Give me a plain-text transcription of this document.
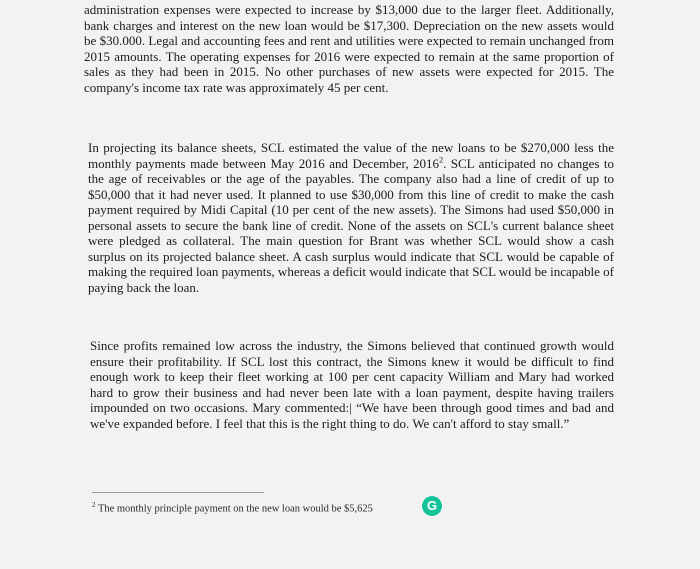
administration expenses were expected to increase by $13,000 due to the larger fleet. Additionally, bank charges and interest on the new loan would be $17,300. Depreciation on the new assets would be $30.000. Legal and accounting fees and rent and utilities were expected to remain unchanged from 2015 amounts. The operating expenses for 2016 were expected to remain at the same proportion of sales as they had been in 2015. No other purchases of new assets were expected for 2015. The company's income tax rate was approximately 45 per cent.

In projecting its balance sheets, SCL estimated the value of the new loans to be $270,000 less the monthly payments made between May 2016 and December, 2016$^2$. SCL anticipated no changes to the age of receivables or the age of the payables. The company also had a line of credit of up to $50,000 that it had never used. It planned to use $30,000 from this line of credit to make the cash payment required by Midi Capital (10 per cent of the new assets). The Simons had used $50,000 in personal assets to secure the bank line of credit. None of the assets on SCL's current balance sheet were pledged as collateral. The main question for Brant was whether SCL would show a cash surplus on its projected balance sheet. A cash surplus would indicate that SCL would be capable of making the required loan payments, whereas a deficit would indicate that SCL would be incapable of paying back the loan.

Since profits remained low across the industry, the Simons believed that continued growth would ensure their profitability. If SCL lost this contract, the Simons knew it would be difficult to find enough work to keep their fleet working at 100 per cent capacity William and Mary had worked hard to grow their business and had never been late with a loan payment, despite having trailers impounded on two occasions. Mary commented:| “We have been through good times and bad and we've expanded before. I feel that this is the right thing to do. We can't afford to stay small.”

$^2$ The monthly principle payment on the new loan would be $5,625	G
